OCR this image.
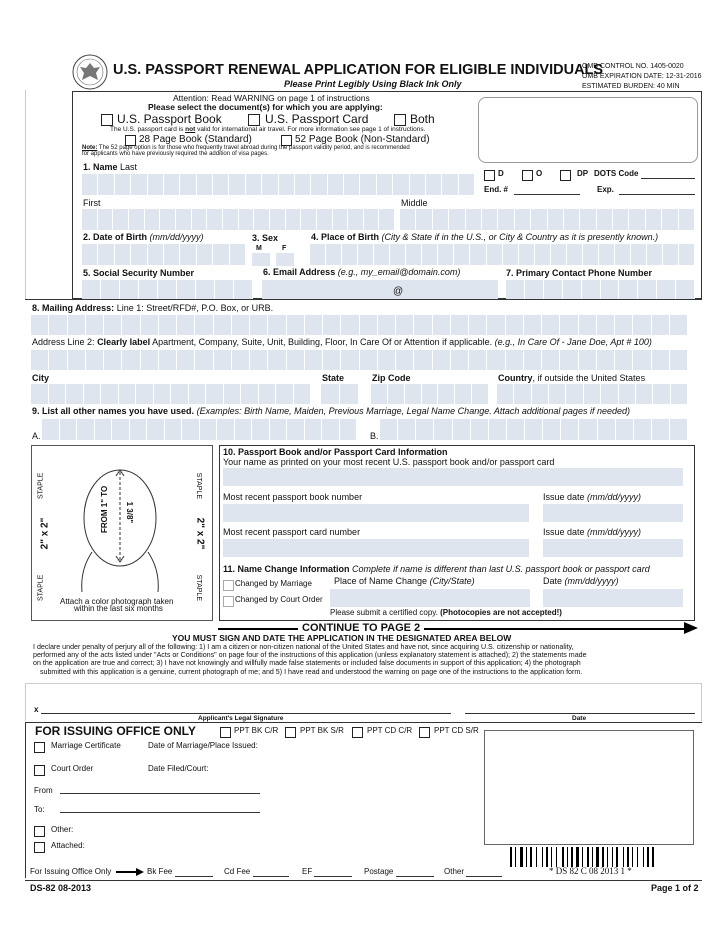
U.S. PASSPORT RENEWAL APPLICATION FOR ELIGIBLE INDIVIDUALS
Please Print Legibly Using Black Ink Only
OMB CONTROL NO. 1405-0020
OMB EXPIRATION DATE: 12-31-2016
ESTIMATED BURDEN: 40 MIN
Attention: Read WARNING on page 1 of instructions
Please select the document(s) for which you are applying:
U.S. Passport Book	U.S. Passport Card	Both
The U.S. passport card is not valid for international air travel. For more information see page 1 of instructions.
28 Page Book (Standard)	52 Page Book (Non-Standard)
Note: The 52 page option is for those who frequently travel abroad during the passport validity period, and is recommended
for applicants who have previously required the addition of visa pages.
D	O	DP DOTS Code
End. #	Exp.
1. Name Last
First	Middle
2. Date of Birth (mm/dd/yyyy)	3. Sex
M	F
4. Place of Birth (City & State if in the U.S., or City & Country as it is presently known.)
5. Social Security Number	6. Email Address (e.g., my_email@domain.com)
@
7. Primary Contact Phone Number
8. Mailing Address: Line 1: Street/RFD#, P.O. Box, or URB.
Address Line 2: Clearly label Apartment, Company, Suite, Unit, Building, Floor, In Care Of or Attention if applicable. (e.g., In Care Of - Jane Doe, Apt # 100)
City	State	Zip Code	Country, if outside the United States
9. List all other names you have used. (Examples: Birth Name, Maiden, Previous Marriage, Legal Name Change. Attach additional pages if needed)
A.	B.
STAPLE	STAPLE
STAPLE	STAPLE
2" x 2"	2" x 2"
FROM 1" TO 1 3/8"
Attach a color photograph taken
within the last six months
10. Passport Book and/or Passport Card Information
Your name as printed on your most recent U.S. passport book and/or passport card
Most recent passport book number	Issue date (mm/dd/yyyy)
Most recent passport card number	Issue date (mm/dd/yyyy)
11. Name Change Information Complete if name is different than last U.S. passport book or passport card
Changed by Marriage
Changed by Court Order
Place of Name Change (City/State)	Date (mm/dd/yyyy)
Please submit a certified copy. (Photocopies are not accepted!)
CONTINUE TO PAGE 2
YOU MUST SIGN AND DATE THE APPLICATION IN THE DESIGNATED AREA BELOW
I declare under penalty of perjury all of the following: 1) I am a citizen or non-citizen national of the United States and have not, since acquiring U.S. citizenship or nationality,
performed any of the acts listed under "Acts or Conditions" on page four of the instructions of this application (unless explanatory statement is attached); 2) the statements made
on the application are true and correct; 3) I have not knowingly and willfully made false statements or included false documents in support of this application; 4) the photograph
submitted with this application is a genuine, current photograph of me; and 5) I have read and understood the warning on page one of the instructions to the application form.
x
Applicant's Legal Signature	Date
FOR ISSUING OFFICE ONLY	PPT BK C/R	PPT BK S/R	PPT CD C/R	PPT CD S/R
Marriage Certificate	Date of Marriage/Place Issued:
Court Order	Date Filed/Court:
From
To:
Other:
Attached:
For Issuing Office Only	Bk Fee	Cd Fee	EF	Postage	Other	* DS 82 C 08 2013 1 *
DS-82 08-2013	Page 1 of 2
